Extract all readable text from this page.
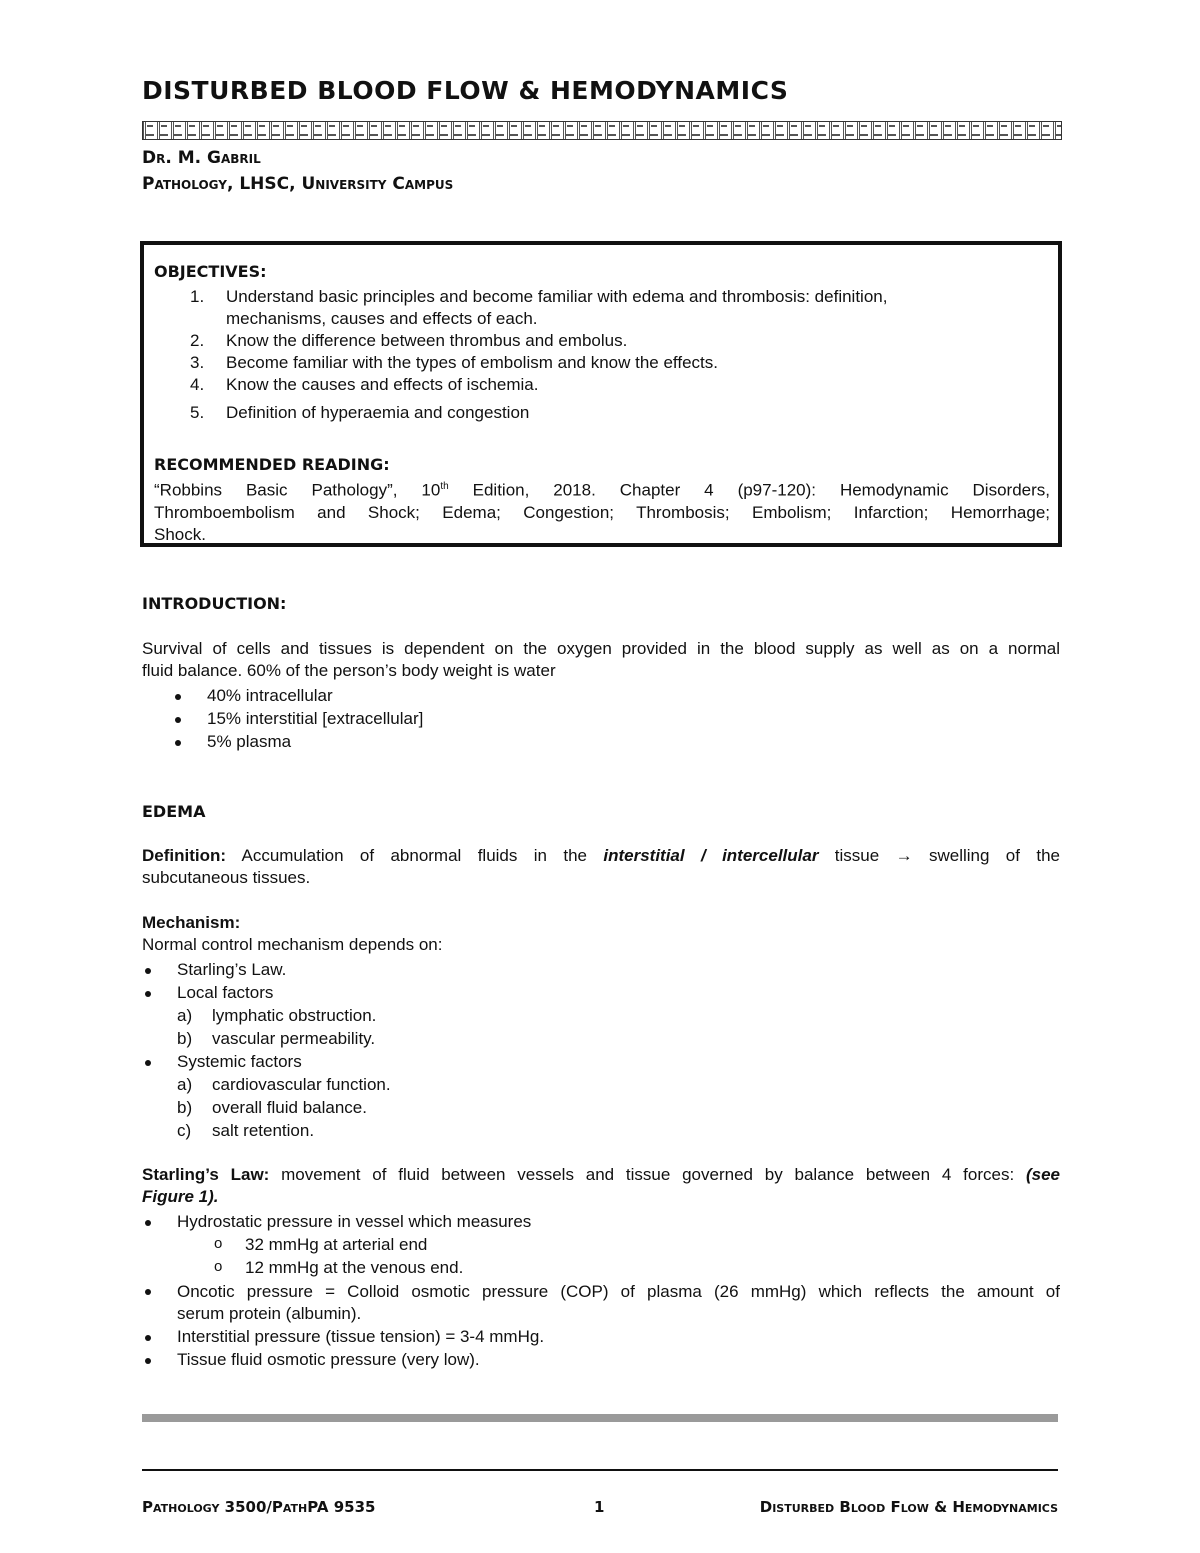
DISTURBED BLOOD FLOW & HEMODYNAMICS
Dr. M. Gabril
Pathology, LHSC, University Campus
OBJECTIVES:
1. Understand basic principles and become familiar with edema and thrombosis: definition,
mechanisms, causes and effects of each.
2. Know the difference between thrombus and embolus.
3. Become familiar with the types of embolism and know the effects.
4. Know the causes and effects of ischemia.
5. Definition of hyperaemia and congestion
RECOMMENDED READING:
“Robbins Basic Pathology”, 10th Edition, 2018. Chapter 4 (p97-120): Hemodynamic Disorders,
Thromboembolism and Shock; Edema; Congestion; Thrombosis; Embolism; Infarction; Hemorrhage;
Shock.
INTRODUCTION:
Survival of cells and tissues is dependent on the oxygen provided in the blood supply as well as on a normal
fluid balance. 60% of the person’s body weight is water
40% intracellular
15% interstitial [extracellular]
5% plasma
EDEMA
Definition: Accumulation of abnormal fluids in the interstitial / intercellular tissue → swelling of the
subcutaneous tissues.
Mechanism:
Normal control mechanism depends on:
Starling’s Law.
Local factors
a) lymphatic obstruction.
b) vascular permeability.
Systemic factors
a) cardiovascular function.
b) overall fluid balance.
c) salt retention.
Starling’s Law: movement of fluid between vessels and tissue governed by balance between 4 forces: (see
Figure 1).
Hydrostatic pressure in vessel which measures
o 32 mmHg at arterial end
o 12 mmHg at the venous end.
Oncotic pressure = Colloid osmotic pressure (COP) of plasma (26 mmHg) which reflects the amount of
serum protein (albumin).
Interstitial pressure (tissue tension) = 3-4 mmHg.
Tissue fluid osmotic pressure (very low).
Pathology 3500/PathPA 9535	1	Disturbed Blood Flow & Hemodynamics
